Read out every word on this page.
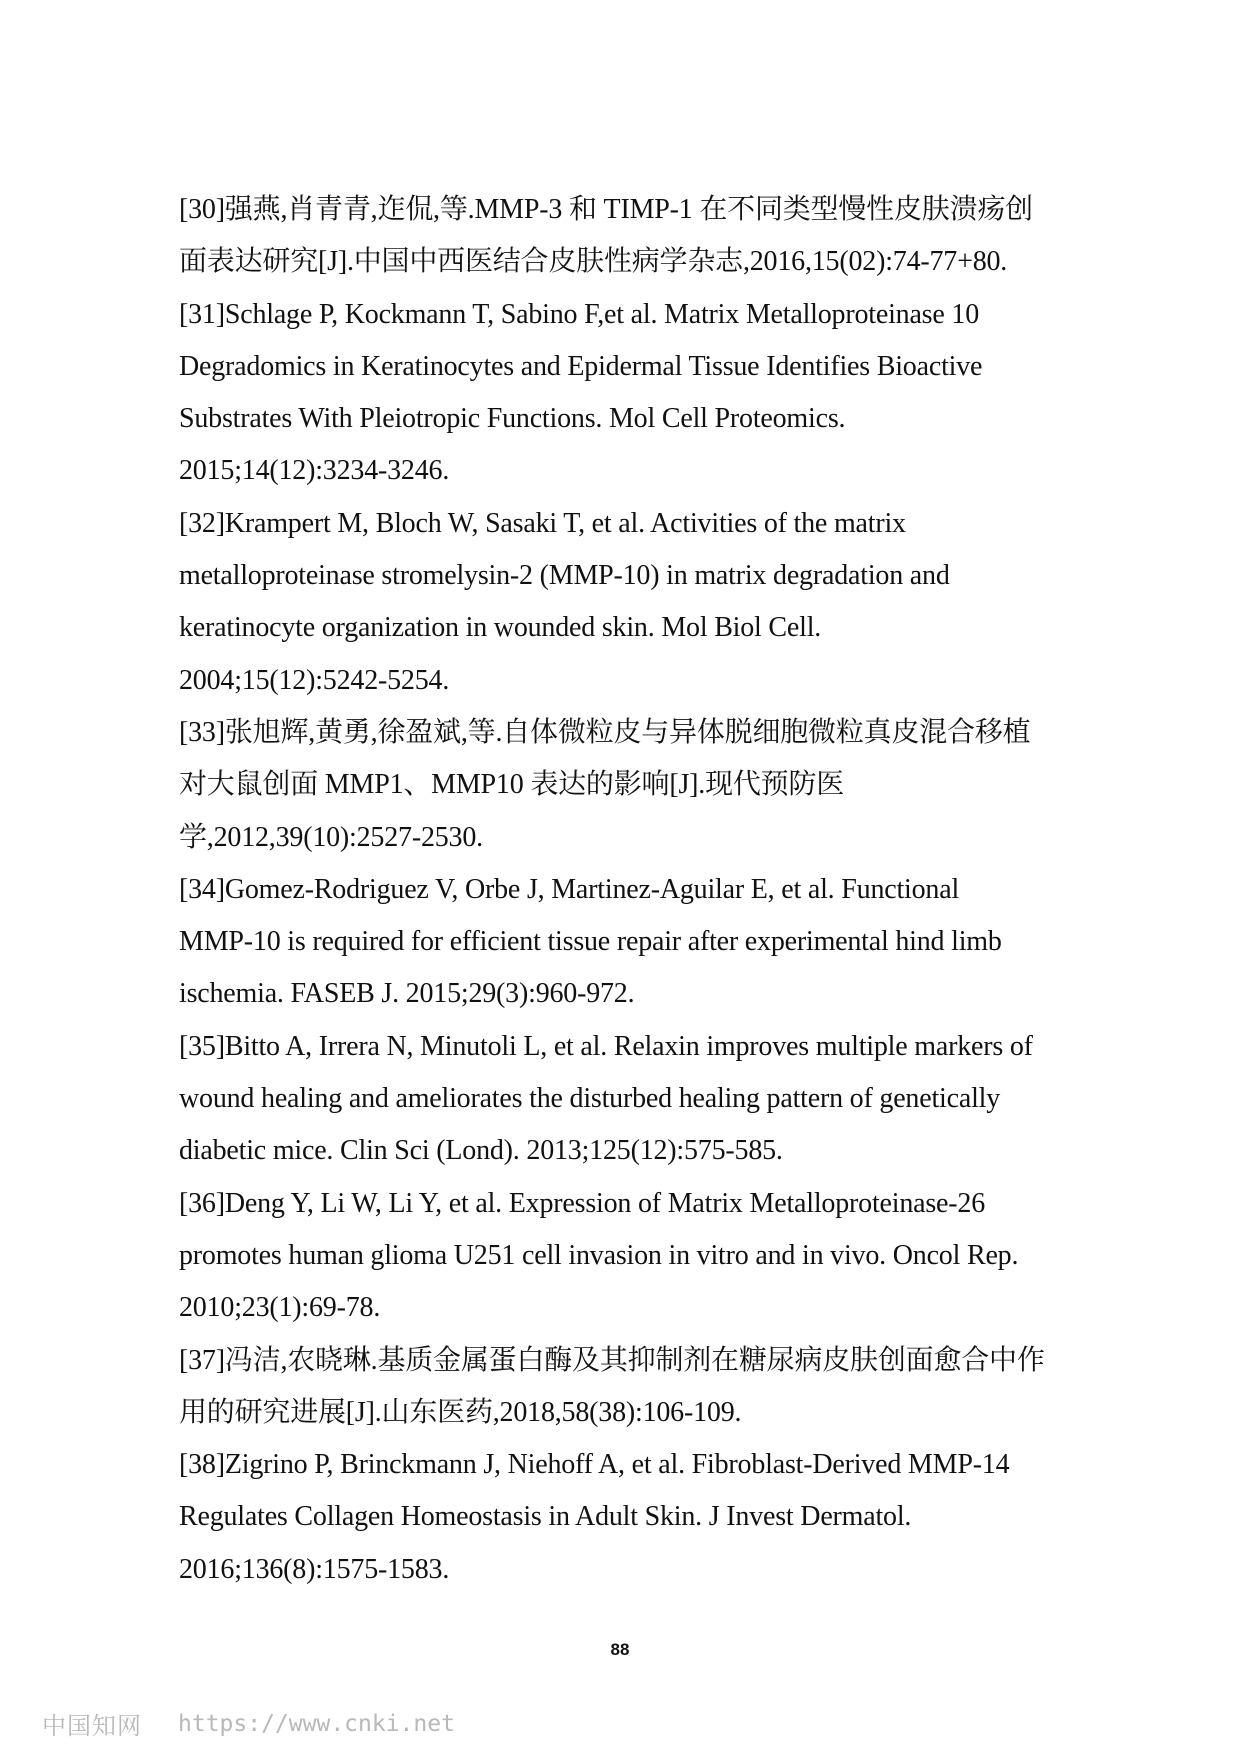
[30]强燕,肖青青,迮侃,等.MMP-3 和 TIMP-1 在不同类型慢性皮肤溃疡创
面表达研究[J].中国中西医结合皮肤性病学杂志,2016,15(02):74-77+80.
[31]Schlage P, Kockmann T, Sabino F,et al. Matrix Metalloproteinase 10
Degradomics in Keratinocytes and Epidermal Tissue Identifies Bioactive
Substrates With Pleiotropic Functions. Mol Cell Proteomics.
2015;14(12):3234-3246.
[32]Krampert M, Bloch W, Sasaki T, et al. Activities of the matrix
metalloproteinase stromelysin-2 (MMP-10) in matrix degradation and
keratinocyte organization in wounded skin. Mol Biol Cell.
2004;15(12):5242-5254.
[33]张旭辉,黄勇,徐盈斌,等.自体微粒皮与异体脱细胞微粒真皮混合移植
对大鼠创面 MMP1、MMP10 表达的影响[J].现代预防医
学,2012,39(10):2527-2530.
[34]Gomez-Rodriguez V, Orbe J, Martinez-Aguilar E, et al. Functional
MMP-10 is required for efficient tissue repair after experimental hind limb
ischemia. FASEB J. 2015;29(3):960-972.
[35]Bitto A, Irrera N, Minutoli L, et al. Relaxin improves multiple markers of
wound healing and ameliorates the disturbed healing pattern of genetically
diabetic mice. Clin Sci (Lond). 2013;125(12):575-585.
[36]Deng Y, Li W, Li Y, et al. Expression of Matrix Metalloproteinase-26
promotes human glioma U251 cell invasion in vitro and in vivo. Oncol Rep.
2010;23(1):69-78.
[37]冯洁,农晓琳.基质金属蛋白酶及其抑制剂在糖尿病皮肤创面愈合中作
用的研究进展[J].山东医药,2018,58(38):106-109.
[38]Zigrino P, Brinckmann J, Niehoff A, et al. Fibroblast-Derived MMP-14
Regulates Collagen Homeostasis in Adult Skin. J Invest Dermatol.
2016;136(8):1575-1583.
88
中国知网 https://www.cnki.net
